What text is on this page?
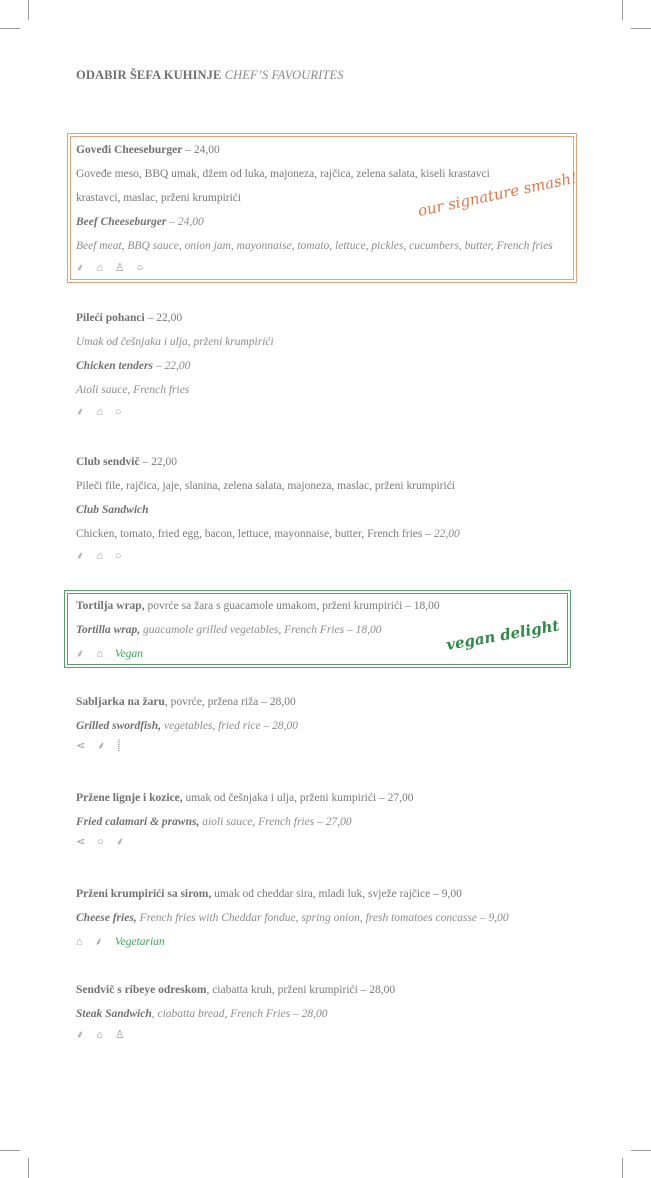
ODABIR ŠEFA KUHINJE CHEF’S FAVOURITES
Goveđi Cheeseburger – 24,00
Goveđe meso, BBQ umak, džem od luka, majoneza, rajčica, zelena salata, kiseli krastavci
krastavci, maslac, prženi krumpirići
Beef Cheeseburger – 24,00
Beef meat, BBQ sauce, onion jam, mayonnaise, tomato, lettuce, pickles, cucumbers, butter, French fries
⸙ ⌂ ♙ ○
our signature smash!
Pileći pohanci – 22,00
Umak od češnjaka i ulja, prženi krumpirići
Chicken tenders – 22,00
Aioli sauce, French fries
⸙ ⌂ ○
Club sendvič – 22,00
Pileči file, rajčica, jaje, slanina, zelena salata, majoneza, maslac, prženi krumpirići
Club Sandwich
Chicken, tomato, fried egg, bacon, lettuce, mayonnaise, butter, French fries – 22,00
⸙ ⌂ ○
Tortilja wrap, povrće sa žara s guacamole umakom, prženi krumpirići – 18,00
Tortilla wrap, guacamole grilled vegetables, French Fries – 18,00
⸙ ⌂ Vegan	vegan delight
Sabljarka na žaru, povrće, pržena riža – 28,00
Grilled swordfish, vegetables, fried rice – 28,00
⋖ ⸙ ⸽
Pržene lignje i kozice, umak od češnjaka i ulja, prženi kumpirići – 27,00
Fried calamari & prawns, aioli sauce, French fries – 27,00
⋖ ○ ⸙
Prženi krumpirići sa sirom, umak od cheddar sira, mladi luk, svježe rajčice – 9,00
Cheese fries, French fries with Cheddar fondue, spring onion, fresh tomatoes concasse – 9,00
⌂ ⸙ Vegetarian
Sendvič s ribeye odreskom, ciabatta kruh, prženi krumpirići – 28,00
Steak Sandwich, ciabatta bread, French Fries – 28,00
⸙ ⌂ ♙
